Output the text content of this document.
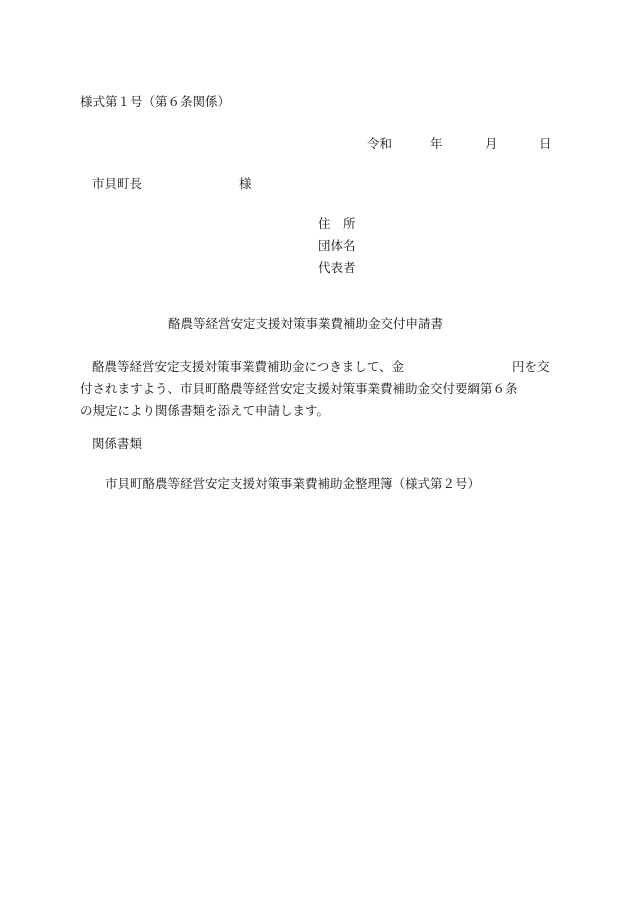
様式第１号（第６条関係）
令和	年	月	日
市貝町長	様
住　所
団体名
代表者
酪農等経営安定支援対策事業費補助金交付申請書
酪農等経営安定支援対策事業費補助金につきまして、金	円を交
付されますよう、市貝町酪農等経営安定支援対策事業費補助金交付要綱第６条
の規定により関係書類を添えて申請します。
関係書類
市貝町酪農等経営安定支援対策事業費補助金整理簿（様式第２号）
